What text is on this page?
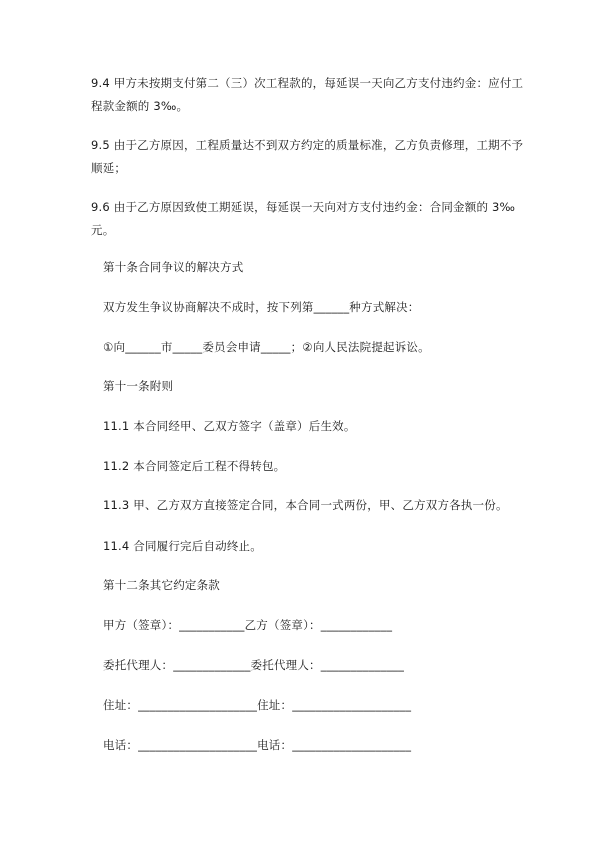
9.4 甲方未按期支付第二（三）次工程款的，每延误一天向乙方支付违约金：应付工程款金额的 3‰。
9.5 由于乙方原因，工程质量达不到双方约定的质量标准，乙方负责修理，工期不予顺延；
9.6 由于乙方原因致使工期延误，每延误一天向对方支付违约金：合同金额的 3‰元。
第十条合同争议的解决方式
双方发生争议协商解决不成时，按下列第______种方式解决：
①向______市_____委员会申请_____；②向人民法院提起诉讼。
第十一条附则
11.1 本合同经甲、乙双方签字（盖章）后生效。
11.2 本合同签定后工程不得转包。
11.3 甲、乙方双方直接签定合同，本合同一式两份，甲、乙方双方各执一份。
11.4 合同履行完后自动终止。
第十二条其它约定条款
甲方（签章）：___________乙方（签章）：____________
委托代理人：_____________委托代理人：______________
住址：____________________住址：____________________
电话：____________________电话：____________________
